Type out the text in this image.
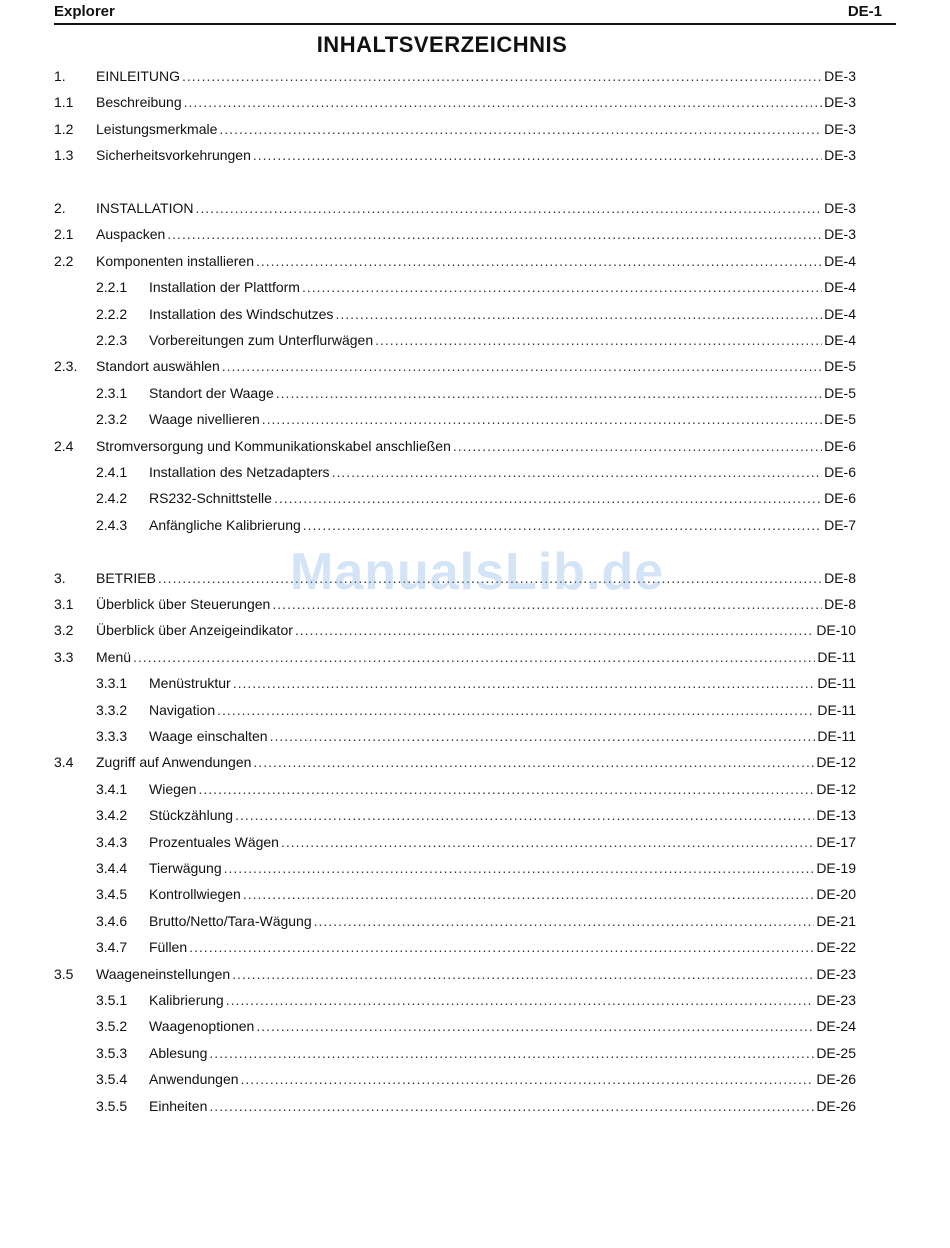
Explorer	DE-1
INHALTSVERZEICHNIS
1.	EINLEITUNG .....	DE-3
1.1	Beschreibung .....	DE-3
1.2	Leistungsmerkmale .....	DE-3
1.3	Sicherheitsvorkehrungen .....	DE-3
2.	INSTALLATION .....	DE-3
2.1	Auspacken .....	DE-3
2.2	Komponenten installieren .....	DE-4
2.2.1	Installation der Plattform .....	DE-4
2.2.2	Installation des Windschutzes .....	DE-4
2.2.3	Vorbereitungen zum Unterflurwägen .....	DE-4
2.3.	Standort auswählen .....	DE-5
2.3.1	Standort der Waage .....	DE-5
2.3.2	Waage nivellieren .....	DE-5
2.4	Stromversorgung und Kommunikationskabel anschließen .....	DE-6
2.4.1	Installation des Netzadapters .....	DE-6
2.4.2	RS232-Schnittstelle .....	DE-6
2.4.3	Anfängliche Kalibrierung .....	DE-7
3.	BETRIEB .....	DE-8
3.1	Überblick über Steuerungen .....	DE-8
3.2	Überblick über Anzeigeindikator .....	DE-10
3.3	Menü .....	DE-11
3.3.1	Menüstruktur .....	DE-11
3.3.2	Navigation .....	DE-11
3.3.3	Waage einschalten .....	DE-11
3.4	Zugriff auf Anwendungen .....	DE-12
3.4.1	Wiegen .....	DE-12
3.4.2	Stückzählung .....	DE-13
3.4.3	Prozentuales Wägen .....	DE-17
3.4.4	Tierwägung .....	DE-19
3.4.5	Kontrollwiegen .....	DE-20
3.4.6	Brutto/Netto/Tara-Wägung .....	DE-21
3.4.7	Füllen .....	DE-22
3.5	Waageneinstellungen .....	DE-23
3.5.1	Kalibrierung .....	DE-23
3.5.2	Waagenoptionen .....	DE-24
3.5.3	Ablesung .....	DE-25
3.5.4	Anwendungen .....	DE-26
3.5.5	Einheiten .....	DE-26
ManualsLib.de
